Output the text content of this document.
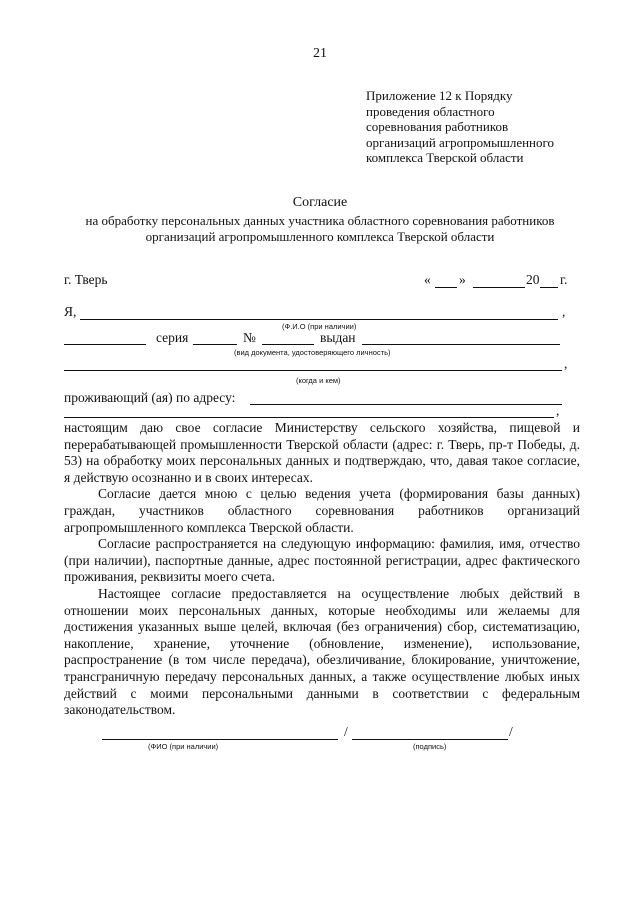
21
Приложение 12 к Порядку
проведения областного
соревнования работников
организаций агропромышленного
комплекса Тверской области
Согласие
на обработку персональных данных участника областного соревнования работников
организаций агропромышленного комплекса Тверской области
г. Тверь	« »	20 г.
Я,	,
(Ф.И.О (при наличии)
серия	№	выдан
(вид документа, удостоверяющего личность)
,
(когда и кем)
проживающий (ая) по адресу:
,

настоящим даю свое согласие Министерству сельского хозяйства, пищевой и перерабатывающей промышленности Тверской области (адрес: г. Тверь, пр-т Победы, д. 53) на обработку моих персональных данных и подтверждаю, что, давая такое согласие, я действую осознанно и в своих интересах.

Согласие дается мною с целью ведения учета (формирования базы данных) граждан, участников областного соревнования работников организаций агропромышленного комплекса Тверской области.

Согласие распространяется на следующую информацию: фамилия, имя, отчество (при наличии), паспортные данные, адрес постоянной регистрации, адрес фактического проживания, реквизиты моего счета.

Настоящее согласие предоставляется на осуществление любых действий в отношении моих персональных данных, которые необходимы или желаемы для достижения указанных выше целей, включая (без ограничения) сбор, систематизацию, накопление, хранение, уточнение (обновление, изменение), использование, распространение (в том числе передача), обезличивание, блокирование, уничтожение, трансграничную передачу персональных данных, а также осуществление любых иных действий с моими персональными данными в соответствии с федеральным законодательством.

/	/
(ФИО (при наличии)	(подпись)
